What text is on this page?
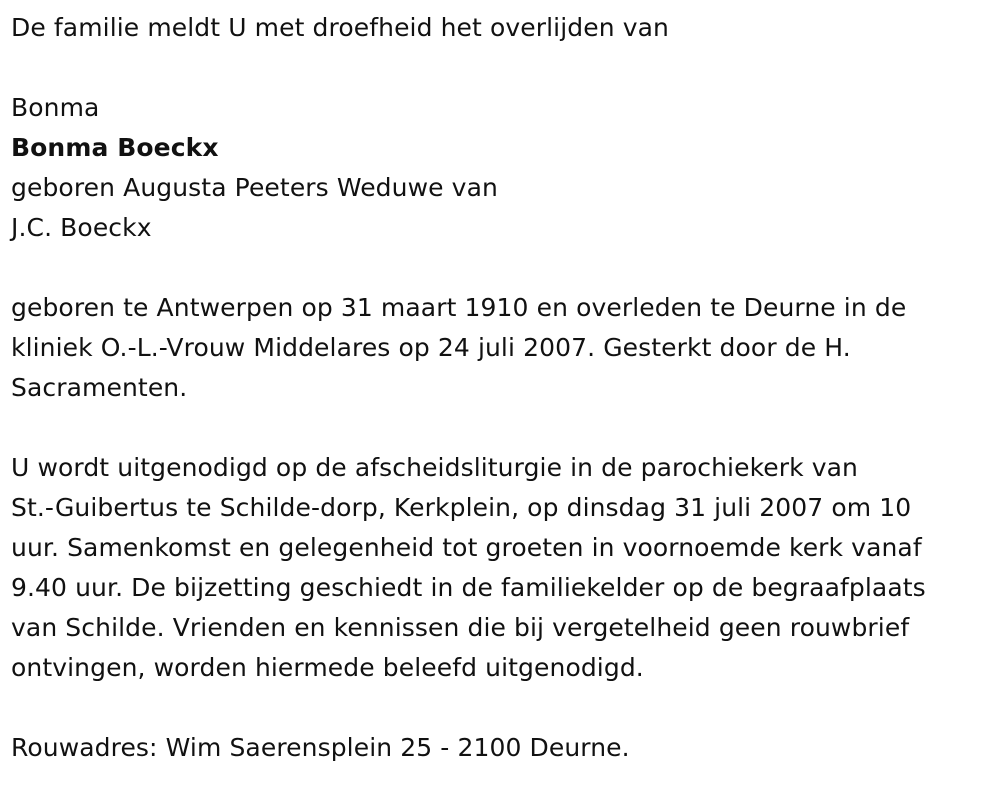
De familie meldt U met droefheid het overlijden van

Bonma

Bonma Boeckx

geboren Augusta Peeters Weduwe van

J.C. Boeckx

geboren te Antwerpen op 31 maart 1910 en overleden te Deurne in de

kliniek O.-L.-Vrouw Middelares op 24 juli 2007. Gesterkt door de H.

Sacramenten.

U wordt uitgenodigd op de afscheidsliturgie in de parochiekerk van

St.-Guibertus te Schilde-dorp, Kerkplein, op dinsdag 31 juli 2007 om 10

uur. Samenkomst en gelegenheid tot groeten in voornoemde kerk vanaf

9.40 uur. De bijzetting geschiedt in de familiekelder op de begraafplaats

van Schilde. Vrienden en kennissen die bij vergetelheid geen rouwbrief

ontvingen, worden hiermede beleefd uitgenodigd.

Rouwadres: Wim Saerensplein 25 - 2100 Deurne.
